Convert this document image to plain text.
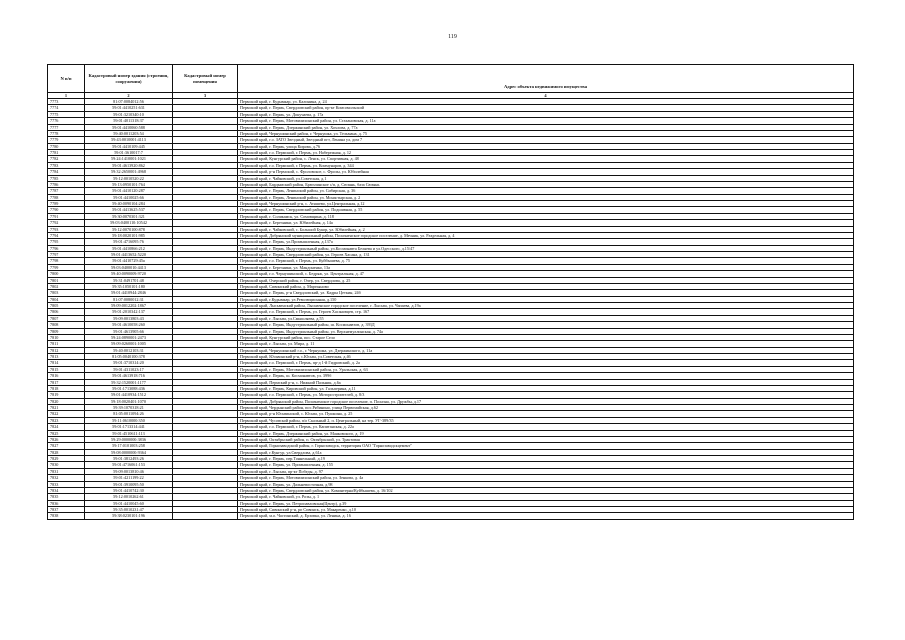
119
N п/п	Кадастровый номер здания (строения, сооружения)	Кадастровый номер помещения	Адрес объекта недвижимого имущества
1	2	3	4
7773	81:07:0084012:56		Пермский край, г. Кудымкар, ул. Калинина, д. 24
7774	59:01:4410251:631		Пермский край, г. Пермь, Свердловский район, пр-кт Комсомольский
7775	59:01:3210340:10		Пермский край, г. Пермь, ул. Докучаева, д. 17а
7776	59:01:4011318:37		Пермский край, г. Пермь, Мотовилихинский район, ул. Стахановская, д. 11а
7777	59:01:4410060:588		Пермский край, г. Пермь, Дзержинский район, ул. Хохлова, д. 77а
7778	59:40:0011203:54		Пермский край, Чернушинский район, г. Чернушка, ул. Тельмана, д. 75
7779	59:43:0010001:4113		Пермский край, г.о. ЗАТО Звездный, Звездный пгт, Ленина ул, дом 7
7780	59:01:4410109:445		Пермский край, г. Пермь, улица Кирова, д.76
7781	59:01:3610017:7		Пермский край, г.о. Пермский, г. Пермь, ул. Набережная, д. 12
7782	59:24:1410001:1021		Пермский край, Кунгурский район, с. Ленск, ул. Спортивная, д. 48
7783	59:01:4613920:862		Пермский край, г.о. Пермский, г. Пермь, ул. Коммунаров, д. 344
7784	59:32:2650001:4968		Пермский край, р-н Пермский, с. Фроловское, с. Фролы, ул. Юбилейная
7785	59:12:0010520:22		Пермский край, г. Чайковский, ул.Советская, д.1
7786	59:13:0950101:764		Пермский край, Бардымский район, Брюзлинское с/п, д. Сюзянь, база Сюзянь
7787	59:01:4410120:287		Пермский край, г. Пермь, Ленинский район, ул. Сибирская, д. 36
7788	59:01:4410025:66		Пермский край, г. Пермь, Ленинский район, ул. Монастырская, д. 2
7789	59:40:0090104:284		Пермский край, Чернушинский р-н, с. Атяшево, ул.Центральная, д.12
7790	59:01:4413625:537		Пермский край, г. Пермь, Свердловский район, ул. Подшивная, д. 55
7791	59:30:0070301:321		Пермский край, г. Соликамск, ул. Сомовщина, д. 118
7792	59:03:0400110:10542		Пермский край, г. Березники, ул. Юбилейная, д. 14а
7793	59:12:0070100:878		Пермский край, г. Чайковский, с. Большой Букор, ул. Юбилейная, д. 2
7794	59:18:0020101:985		Пермский край, Добрянский муниципальный район, Полазненское городское поселение, д. Мечник, ул. Раздельная, д. 4
7795	59:01:4716095:76		Пермский край, г. Пермь, ул.Промышленная, д.137а
7796	59:01:4410866:212		Пермский край, г. Пермь, Индустриальный район, ул.Космонавта Беляева и ул.Одесского, д.15/47
7797	59:01:4413652:5220		Пермский край, г. Пермь, Свердловский район, ул. Героев Хасана, д. 131
7798	59:01:4410729:45а		Пермский край, г.о. Пермский, г. Пермь, ул. Куйбышева, д. 75
7799	59:03:0400010:4413		Пермский край, г. Березники, ул. Мандоненко, 13а
7800	59:40:0090009:9720		Пермский край, г.о. Чернушинский, с. Бедряж, ул. Центральная, д. 47
7801	59:31:0491701:48		Пермский край, Очерский район, г. Очер, ул. Свердлова, д. 25
7802	59:35:1050101:180		Пермский край, Сивинский район, д. Мартьяново
7803	59:01:4410944:2846		Пермский край, г. Пермь, р-н Свердловский, ул. Кадры Цеткин, 24б
7804	81:07:0080012:31		Пермский край, г.Кудымкар, ул.Революционная, д.150
7805	59:09:0012202:1867		Пермский край, Лысьвенский район, Лысьвенское городское поселение, г. Лысьва, ул. Чапаева, д.19а
7806	59:01:2010342:137		Пермский край, г.о. Пермский, г. Пермь, ул. Героев Хасановцев, стр. 167
7807	59:09:0013803:43		Пермский край, г. Лысьва, ул.Смышляева, д.55
7808	59:01:4610058:260		Пермский край, г. Пермь, Индустриальный район, ш. Космонавтов, д. 393Д
7809	59:01:4613905:66		Пермский край, г. Пермь, Индустриальный район, ул. Верхнемуллинская, д. 74а
7810	59:24:0890001:2473		Пермский край, Кунгурский район, пос. Старое Село
7811	59:09:0260001:1005		Пермский край, г. Лысьва, ул. Мира, д. 11
7812	59:40:0012103:31		Пермский край, Чернушинский г.о., г. Чернушка, ул. Дзержинского, д. 11а
7813	81:05:0040100:378		Пермский край, Юсьвинский р-н, с.Юсьва, ул.Советская, д.46
7814	59:01:3710314:20		Пермский край, г.о. Пермский, г. Пермь, пр-д 1-й Гидровский, д. 2а
7815	59:01:4311023:17		Пермский край, г. Пермь, Мотовилихинский район, ул. Уральская, д. 63
7816	59:01:4613918:716		Пермский край, г. Пермь, ш. Космонавтов, ул. 399б
7817	59:32:1520001:1177		Пермский край, Пермский р-н, с. Нижний Пальник, д.6а
7818	59:01:1713088:436		Пермский край, г. Пермь, Кировский район, ул. Гальперина, д.11
7819	59:01:4410934:1512		Пермский край, г.о. Пермский, г. Пермь, ул. Моторостроителей, д. 8/3
7820	59:18:0020401:1070		Пермский край, Добрянский район, Полазненское городское поселение, п. Полазна, ул. Дружбы, д.17
7821	59:39:1070318:21		Пермский край, Чердынский район, пос.Рябинино, улица Первомайская, д.62
7822	81:05:0011094:26		Пермский край, р-н Юсьвинский, с. Юсьва, ул. Пушкина, д. 25
7823	59:11:0610000:350		Пермский край, Чусовской район, п/о Скальный 2, п. Центральный, на тер. УГ-389/35
7824	59:01:1713314:441		Пермский край, г.о. Пермский, г. Пермь, ул. Капитанская, д. 22а
7825	59:01:4510611:113		Пермский край, г. Пермь, Дзержинский район, ул. Маяковского, д. 19
7826	59:29:0000000:3836		Пермский край, Октябрьский район, п. Октябрьский, ул. Трактовая
7827	59:17:0101003:258		Пермский край, Горнозаводский район, г. Горнозаводск, территория ОАО "Горнозаводскцемент"
7828	59:08:0000000:9364		Пермский край, г.Кунгур, ул.Свердлова, д.61а
7829	59:01:3812493:26		Пермский край, г. Пермь, пер.Тоннельный, д.19
7830	59:01:4716061:153		Пермский край, г. Пермь, ул. Промышленная, д. 155
7831	59:09:0013810:46		Пермский край, г. Лысьва, пр-кт Победы, д. 97
7832	59:01:4211199:22		Пермский край, г. Пермь, Мотовилихинский район, ул. Зенкова, д. 4а
7833	59:01:3910095:50		Пермский край, г. Пермь, ул. Дальневосточная, д.98
7834	59:01:4410742:30		Пермский край, г. Пермь, Свердловский район, ул. Коминтерна/Куйбышева, д. 16/102
7835	59:12:0010262:61		Пермский край, г. Чайковский, ул. Розы, д. 1
7836	59:01:4410045:60		Пермский край, г. Пермь, ул. Петропавловская(Центр), д.39
7837	59:35:0010231:47		Пермский край, Сивинский р-н, рп Сивинск, ул. Макаренко, д.10
7838	59:38:0230101:196		Пермский край, м.о. Частинский, д. Ерзовка, ул. Ленина, д. 16
